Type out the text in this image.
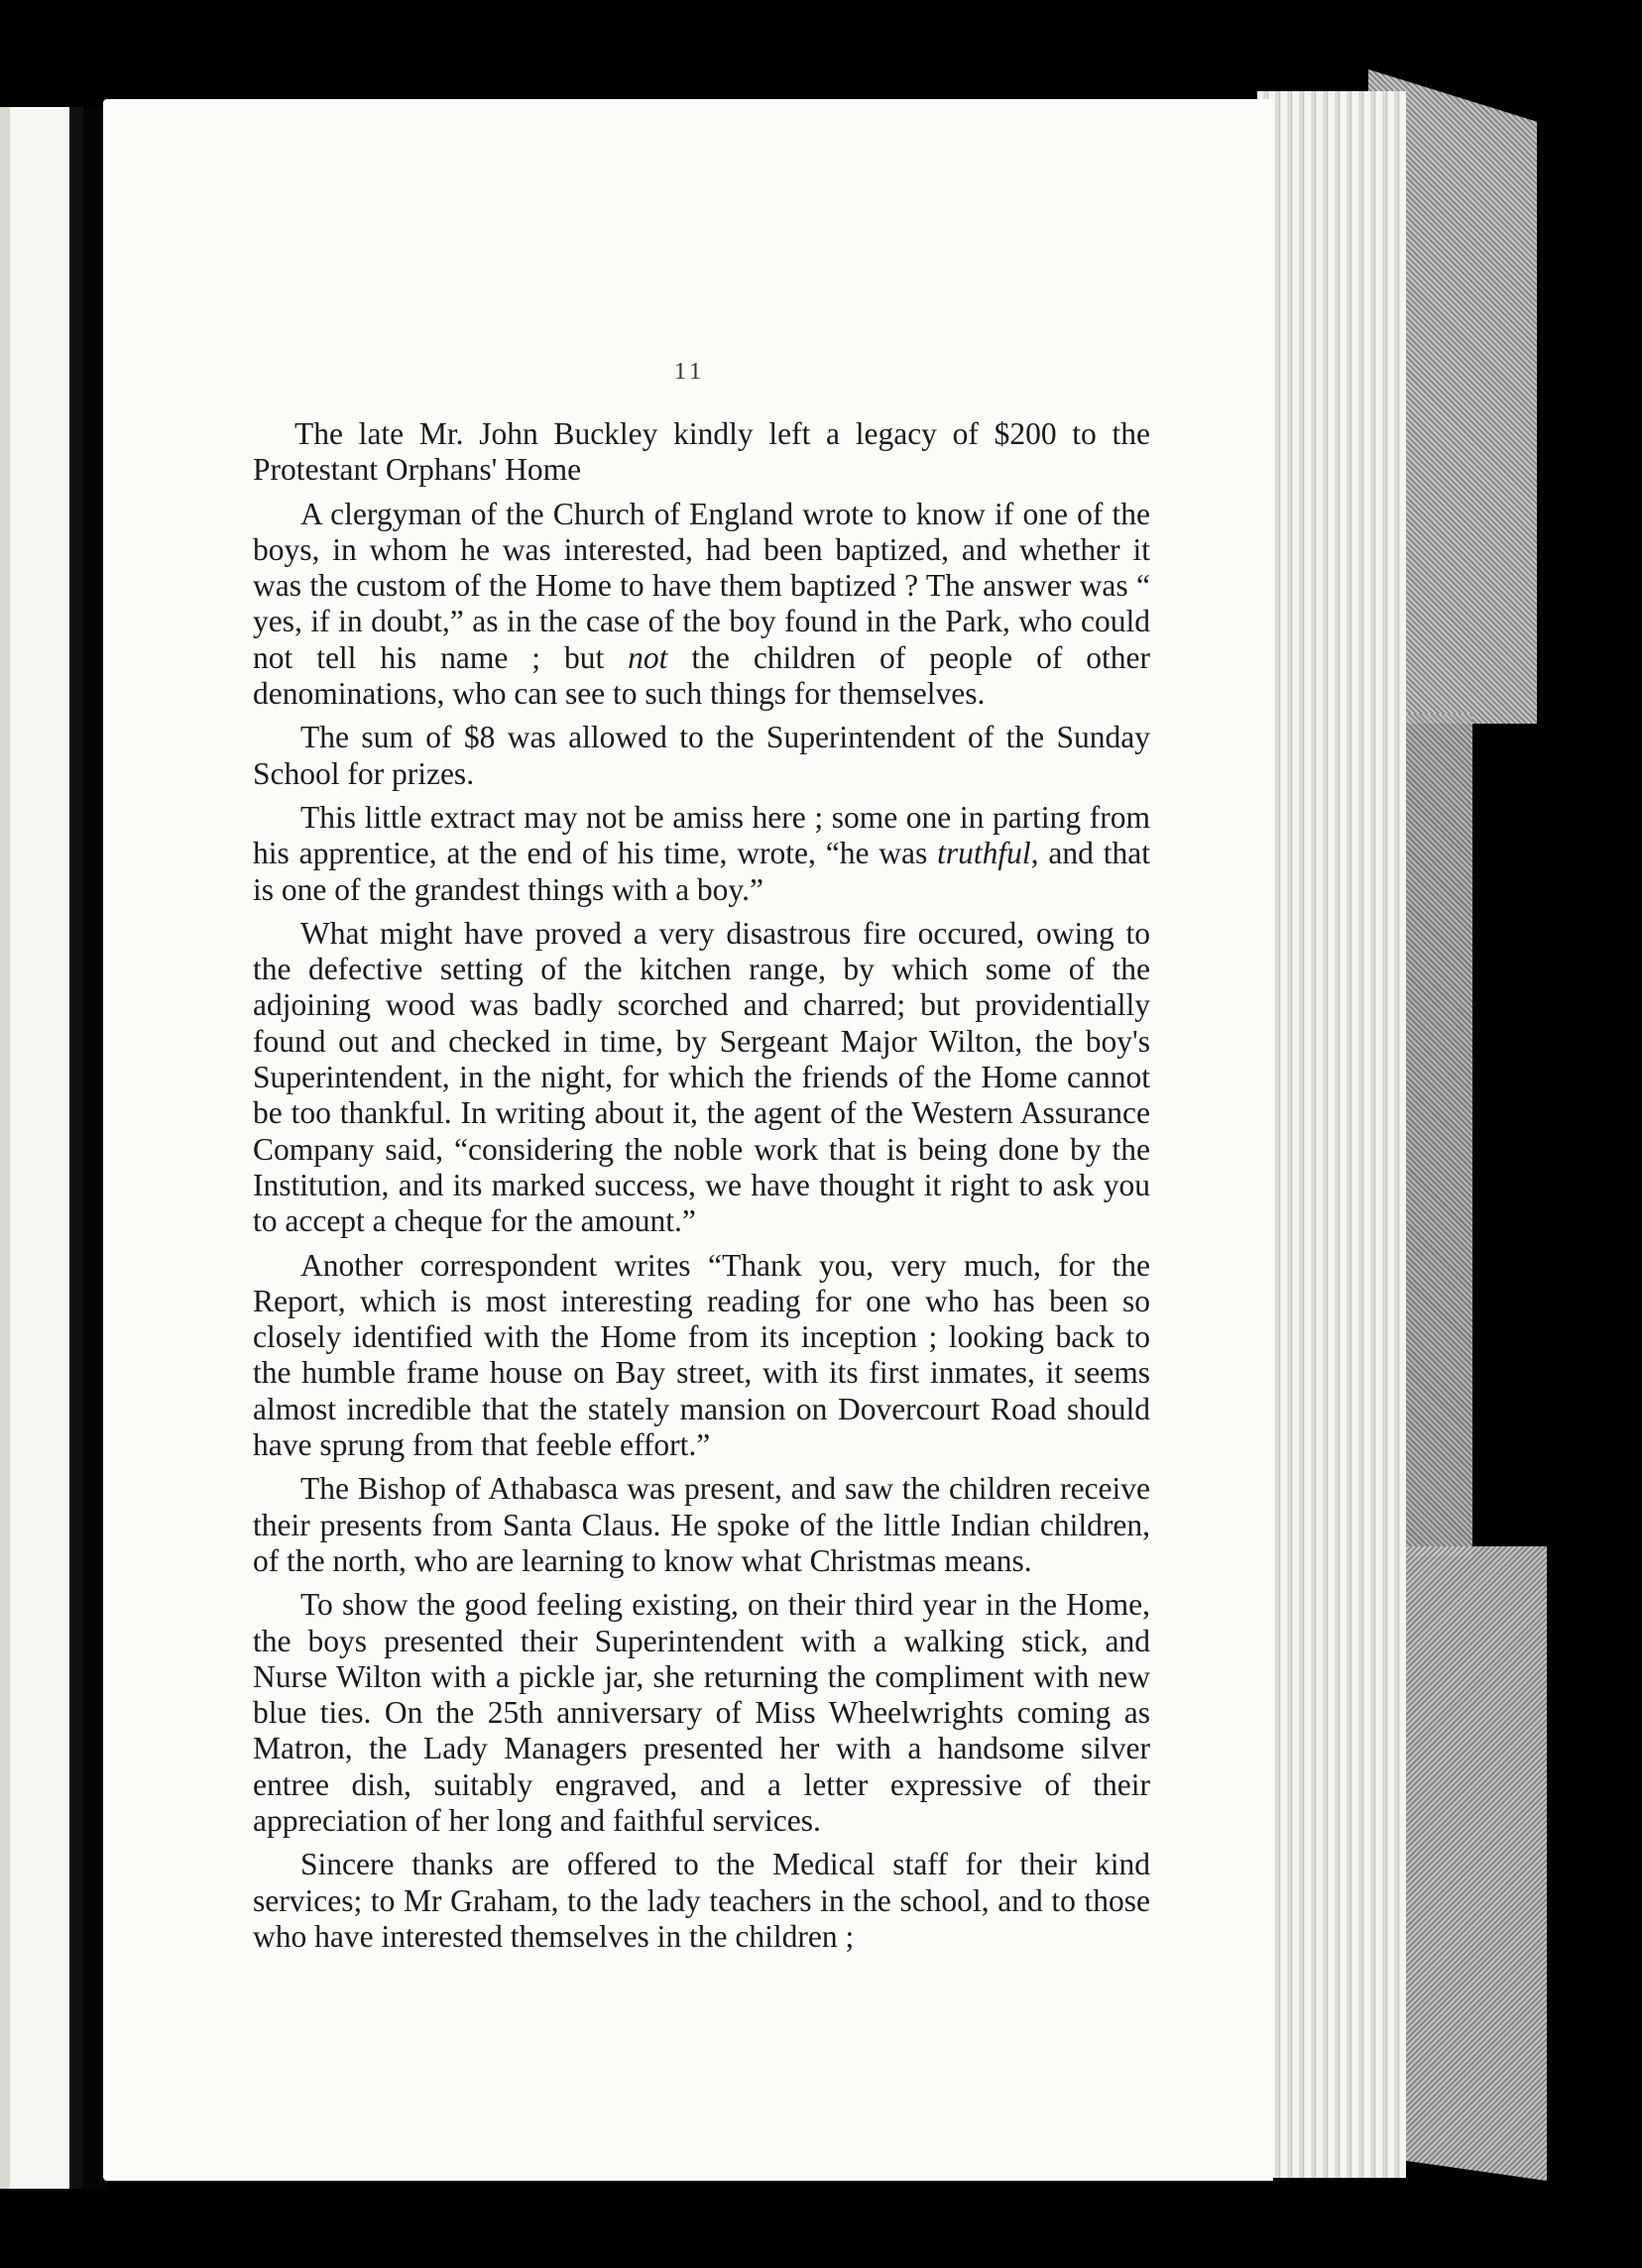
11

The late Mr. John Buckley kindly left a legacy of $200 to the Protestant Orphans' Home

A clergyman of the Church of England wrote to know if one of the boys, in whom he was interested, had been baptized, and whether it was the custom of the Home to have them baptized ? The answer was “ yes, if in doubt,” as in the case of the boy found in the Park, who could not tell his name ; but not the children of people of other denominations, who can see to such things for themselves.

The sum of $8 was allowed to the Superintendent of the Sunday School for prizes.

This little extract may not be amiss here ; some one in parting from his apprentice, at the end of his time, wrote, “he was truthful, and that is one of the grandest things with a boy.”

What might have proved a very disastrous fire occured, owing to the defective setting of the kitchen range, by which some of the adjoining wood was badly scorched and charred; but providentially found out and checked in time, by Sergeant Major Wilton, the boy's Superintendent, in the night, for which the friends of the Home cannot be too thankful. In writing about it, the agent of the Western Assurance Company said, “considering the noble work that is being done by the Institution, and its marked success, we have thought it right to ask you to accept a cheque for the amount.”

Another correspondent writes “Thank you, very much, for the Report, which is most interesting reading for one who has been so closely identified with the Home from its inception ; looking back to the humble frame house on Bay street, with its first inmates, it seems almost incredible that the stately mansion on Dovercourt Road should have sprung from that feeble effort.”

The Bishop of Athabasca was present, and saw the children receive their presents from Santa Claus. He spoke of the little Indian children, of the north, who are learning to know what Christmas means.

To show the good feeling existing, on their third year in the Home, the boys presented their Superintendent with a walking stick, and Nurse Wilton with a pickle jar, she returning the compliment with new blue ties. On the 25th anniversary of Miss Wheelwrights coming as Matron, the Lady Managers presented her with a handsome silver entree dish, suitably engraved, and a letter expressive of their appreciation of her long and faithful services.

Sincere thanks are offered to the Medical staff for their kind services; to Mr Graham, to the lady teachers in the school, and to those who have interested themselves in the children ;
